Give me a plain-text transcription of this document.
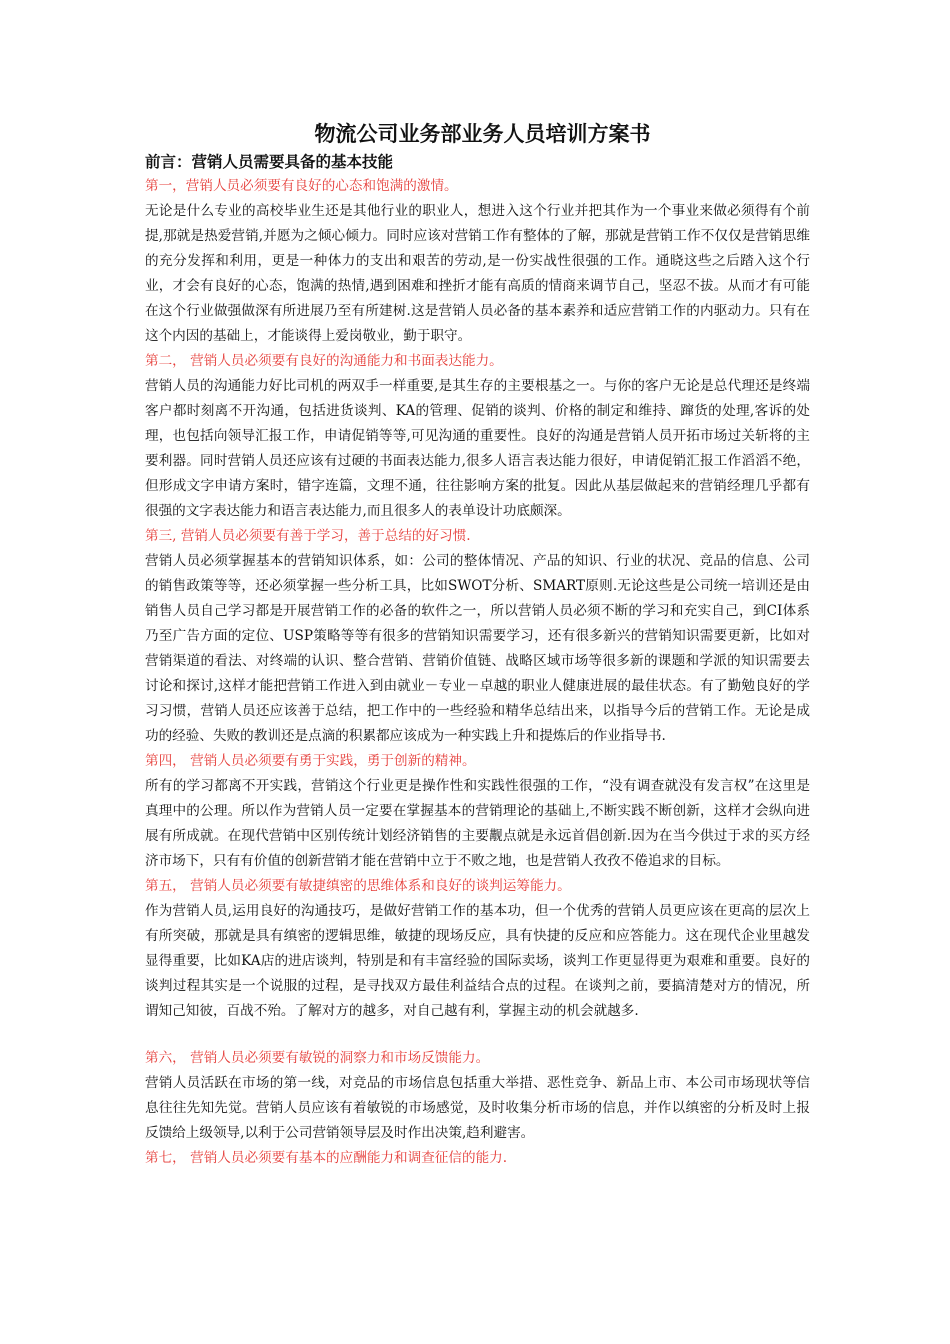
物流公司业务部业务人员培训方案书
前言：营销人员需要具备的基本技能

第一，营销人员必须要有良好的心态和饱满的激情。

无论是什么专业的高校毕业生还是其他行业的职业人，想进入这个行业并把其作为一个事业来做必须得有个前提,那就是热爱营销,并愿为之倾心倾力。同时应该对营销工作有整体的了解，那就是营销工作不仅仅是营销思维的充分发挥和利用，更是一种体力的支出和艰苦的劳动,是一份实战性很强的工作。通晓这些之后踏入这个行业，才会有良好的心态，饱满的热情,遇到困难和挫折才能有高质的情商来调节自己，坚忍不拔。从而才有可能在这个行业做强做深有所进展乃至有所建树.这是营销人员必备的基本素养和适应营销工作的内驱动力。只有在这个内因的基础上，才能谈得上爱岗敬业，勤于职守。

第二， 营销人员必须要有良好的沟通能力和书面表达能力。

营销人员的沟通能力好比司机的两双手一样重要,是其生存的主要根基之一。与你的客户无论是总代理还是终端客户都时刻离不开沟通，包括进货谈判、KA的管理、促销的谈判、价格的制定和维持、蹿货的处理,客诉的处理，也包括向领导汇报工作，申请促销等等,可见沟通的重要性。良好的沟通是营销人员开拓市场过关斩将的主要利器。同时营销人员还应该有过硬的书面表达能力,很多人语言表达能力很好，申请促销汇报工作滔滔不绝，但形成文字申请方案时，错字连篇，文理不通，往往影响方案的批复。因此从基层做起来的营销经理几乎都有很强的文字表达能力和语言表达能力,而且很多人的表单设计功底颇深。

第三, 营销人员必须要有善于学习，善于总结的好习惯.

营销人员必须掌握基本的营销知识体系，如：公司的整体情况、产品的知识、行业的状况、竞品的信息、公司的销售政策等等，还必须掌握一些分析工具，比如SWOT分析、SMART原则.无论这些是公司统一培训还是由销售人员自己学习都是开展营销工作的必备的软件之一，所以营销人员必须不断的学习和充实自己，到CI体系乃至广告方面的定位、USP策略等等有很多的营销知识需要学习，还有很多新兴的营销知识需要更新，比如对营销渠道的看法、对终端的认识、整合营销、营销价值链、战略区域市场等很多新的课题和学派的知识需要去讨论和探讨,这样才能把营销工作进入到由就业－专业－卓越的职业人健康进展的最佳状态。有了勤勉良好的学习习惯，营销人员还应该善于总结，把工作中的一些经验和精华总结出来，以指导今后的营销工作。无论是成功的经验、失败的教训还是点滴的积累都应该成为一种实践上升和提炼后的作业指导书.

第四， 营销人员必须要有勇于实践，勇于创新的精神。

所有的学习都离不开实践，营销这个行业更是操作性和实践性很强的工作，“没有调查就没有发言权”在这里是真理中的公理。所以作为营销人员一定要在掌握基本的营销理论的基础上,不断实践不断创新，这样才会纵向进展有所成就。在现代营销中区别传统计划经济销售的主要觏点就是永远首倡创新.因为在当今供过于求的买方经济市场下，只有有价值的创新营销才能在营销中立于不败之地，也是营销人孜孜不倦追求的目标。

第五， 营销人员必须要有敏捷缜密的思维体系和良好的谈判运筹能力。

作为营销人员,运用良好的沟通技巧，是做好营销工作的基本功，但一个优秀的营销人员更应该在更高的层次上有所突破，那就是具有缜密的逻辑思维，敏捷的现场反应，具有快捷的反应和应答能力。这在现代企业里越发显得重要，比如KA店的进店谈判，特别是和有丰富经验的国际卖场，谈判工作更显得更为艰难和重要。良好的谈判过程其实是一个说服的过程，是寻找双方最佳利益结合点的过程。在谈判之前，要搞清楚对方的情况，所谓知己知彼，百战不殆。了解对方的越多，对自己越有利，掌握主动的机会就越多.

第六， 营销人员必须要有敏锐的洞察力和市场反馈能力。

营销人员活跃在市场的第一线，对竞品的市场信息包括重大举措、恶性竞争、新品上市、本公司市场现状等信息往往先知先觉。营销人员应该有着敏锐的市场感觉，及时收集分析市场的信息，并作以缜密的分析及时上报反馈给上级领导,以利于公司营销领导层及时作出决策,趋利避害。

第七， 营销人员必须要有基本的应酬能力和调查征信的能力.
